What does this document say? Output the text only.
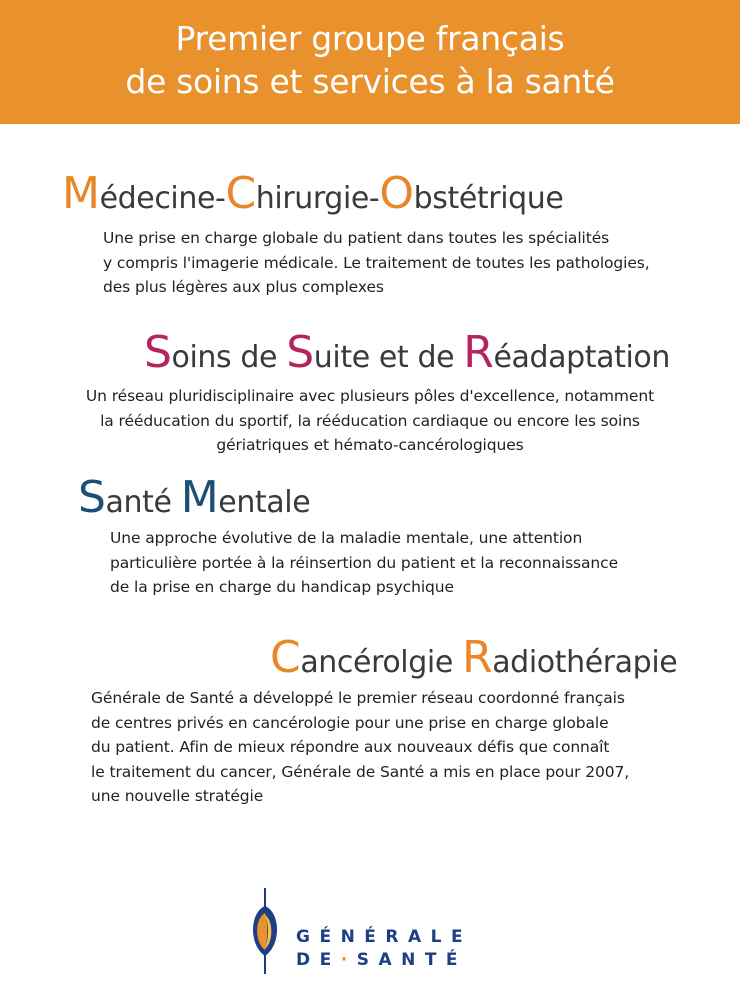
Premier groupe français
de soins et services à la santé
Médecine-Chirurgie-Obstétrique
Une prise en charge globale du patient dans toutes les spécialités
y compris l'imagerie médicale. Le traitement de toutes les pathologies,
des plus légères aux plus complexes
Soins de Suite et de Réadaptation
Un réseau pluridisciplinaire avec plusieurs pôles d'excellence, notamment
la rééducation du sportif, la rééducation cardiaque ou encore les soins
gériatriques et hémato-cancérologiques
Santé Mentale
Une approche évolutive de la maladie mentale, une attention
particulière portée à la réinsertion du patient et la reconnaissance
de la prise en charge du handicap psychique
Cancérolgie Radiothérapie
Générale de Santé a développé le premier réseau coordonné français
de centres privés en cancérologie pour une prise en charge globale
du patient. Afin de mieux répondre aux nouveaux défis que connaît
le traitement du cancer, Générale de Santé a mis en place pour 2007,
une nouvelle stratégie
GÉNÉRALE
DE·SANTÉ
